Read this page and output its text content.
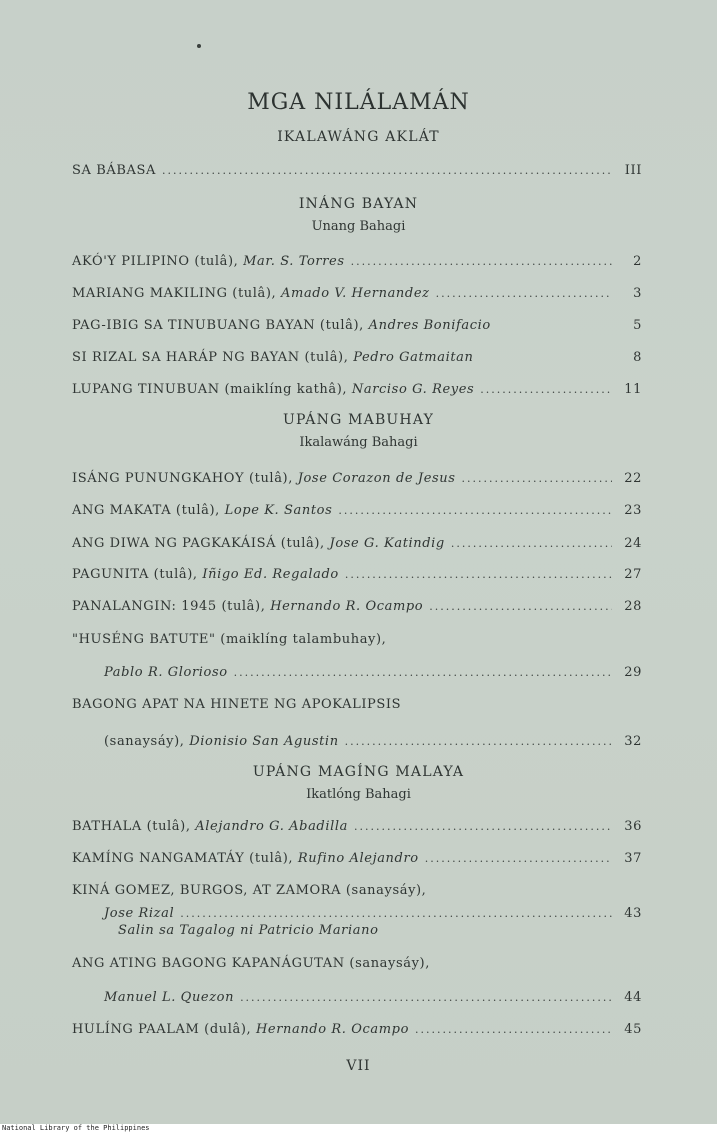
MGA NILÁLAMÁN
IKALAWÁNG AKLÁT
SA BÁBASA .....	III
INÁNG BAYAN
Unang Bahagi
AKÓ'Y PILIPINO (tulâ), Mar. S. Torres .....	2
MARIANG MAKILING (tulâ), Amado V. Hernandez .....	3
PAG-IBIG SA TINUBUANG BAYAN (tulâ), Andres Bonifacio	5
SI RIZAL SA HARÁP NG BAYAN (tulâ), Pedro Gatmaitan	8
LUPANG TINUBUAN (maiklíng kathâ), Narciso G. Reyes .....	11
UPÁNG MABUHAY
Ikalawáng Bahagi
ISÁNG PUNUNGKAHOY (tulâ), Jose Corazon de Jesus .....	22
ANG MAKATA (tulâ), Lope K. Santos .....	23
ANG DIWA NG PAGKAKÁISÁ (tulâ), Jose G. Katindig .....	24
PAGUNITA (tulâ), Iñigo Ed. Regalado .....	27
PANALANGIN: 1945 (tulâ), Hernando R. Ocampo .....	28
"HUSÉNG BATUTE" (maiklíng talambuhay),
Pablo R. Glorioso .....	29
BAGONG APAT NA HINETE NG APOKALIPSIS
(sanaysáy), Dionisio San Agustin .....	32
UPÁNG MAGÍNG MALAYA
Ikatlóng Bahagi
BATHALA (tulâ), Alejandro G. Abadilla .....	36
KAMÍNG NANGAMATÁY (tulâ), Rufino Alejandro .....	37
KINÁ GOMEZ, BURGOS, AT ZAMORA (sanaysáy),
Jose Rizal .....	43
Salin sa Tagalog ni Patricio Mariano
ANG ATING BAGONG KAPANÁGUTAN (sanaysáy),
Manuel L. Quezon .....	44
HULÍNG PAALAM (dulâ), Hernando R. Ocampo .....	45
VII
National Library of the Philippines
